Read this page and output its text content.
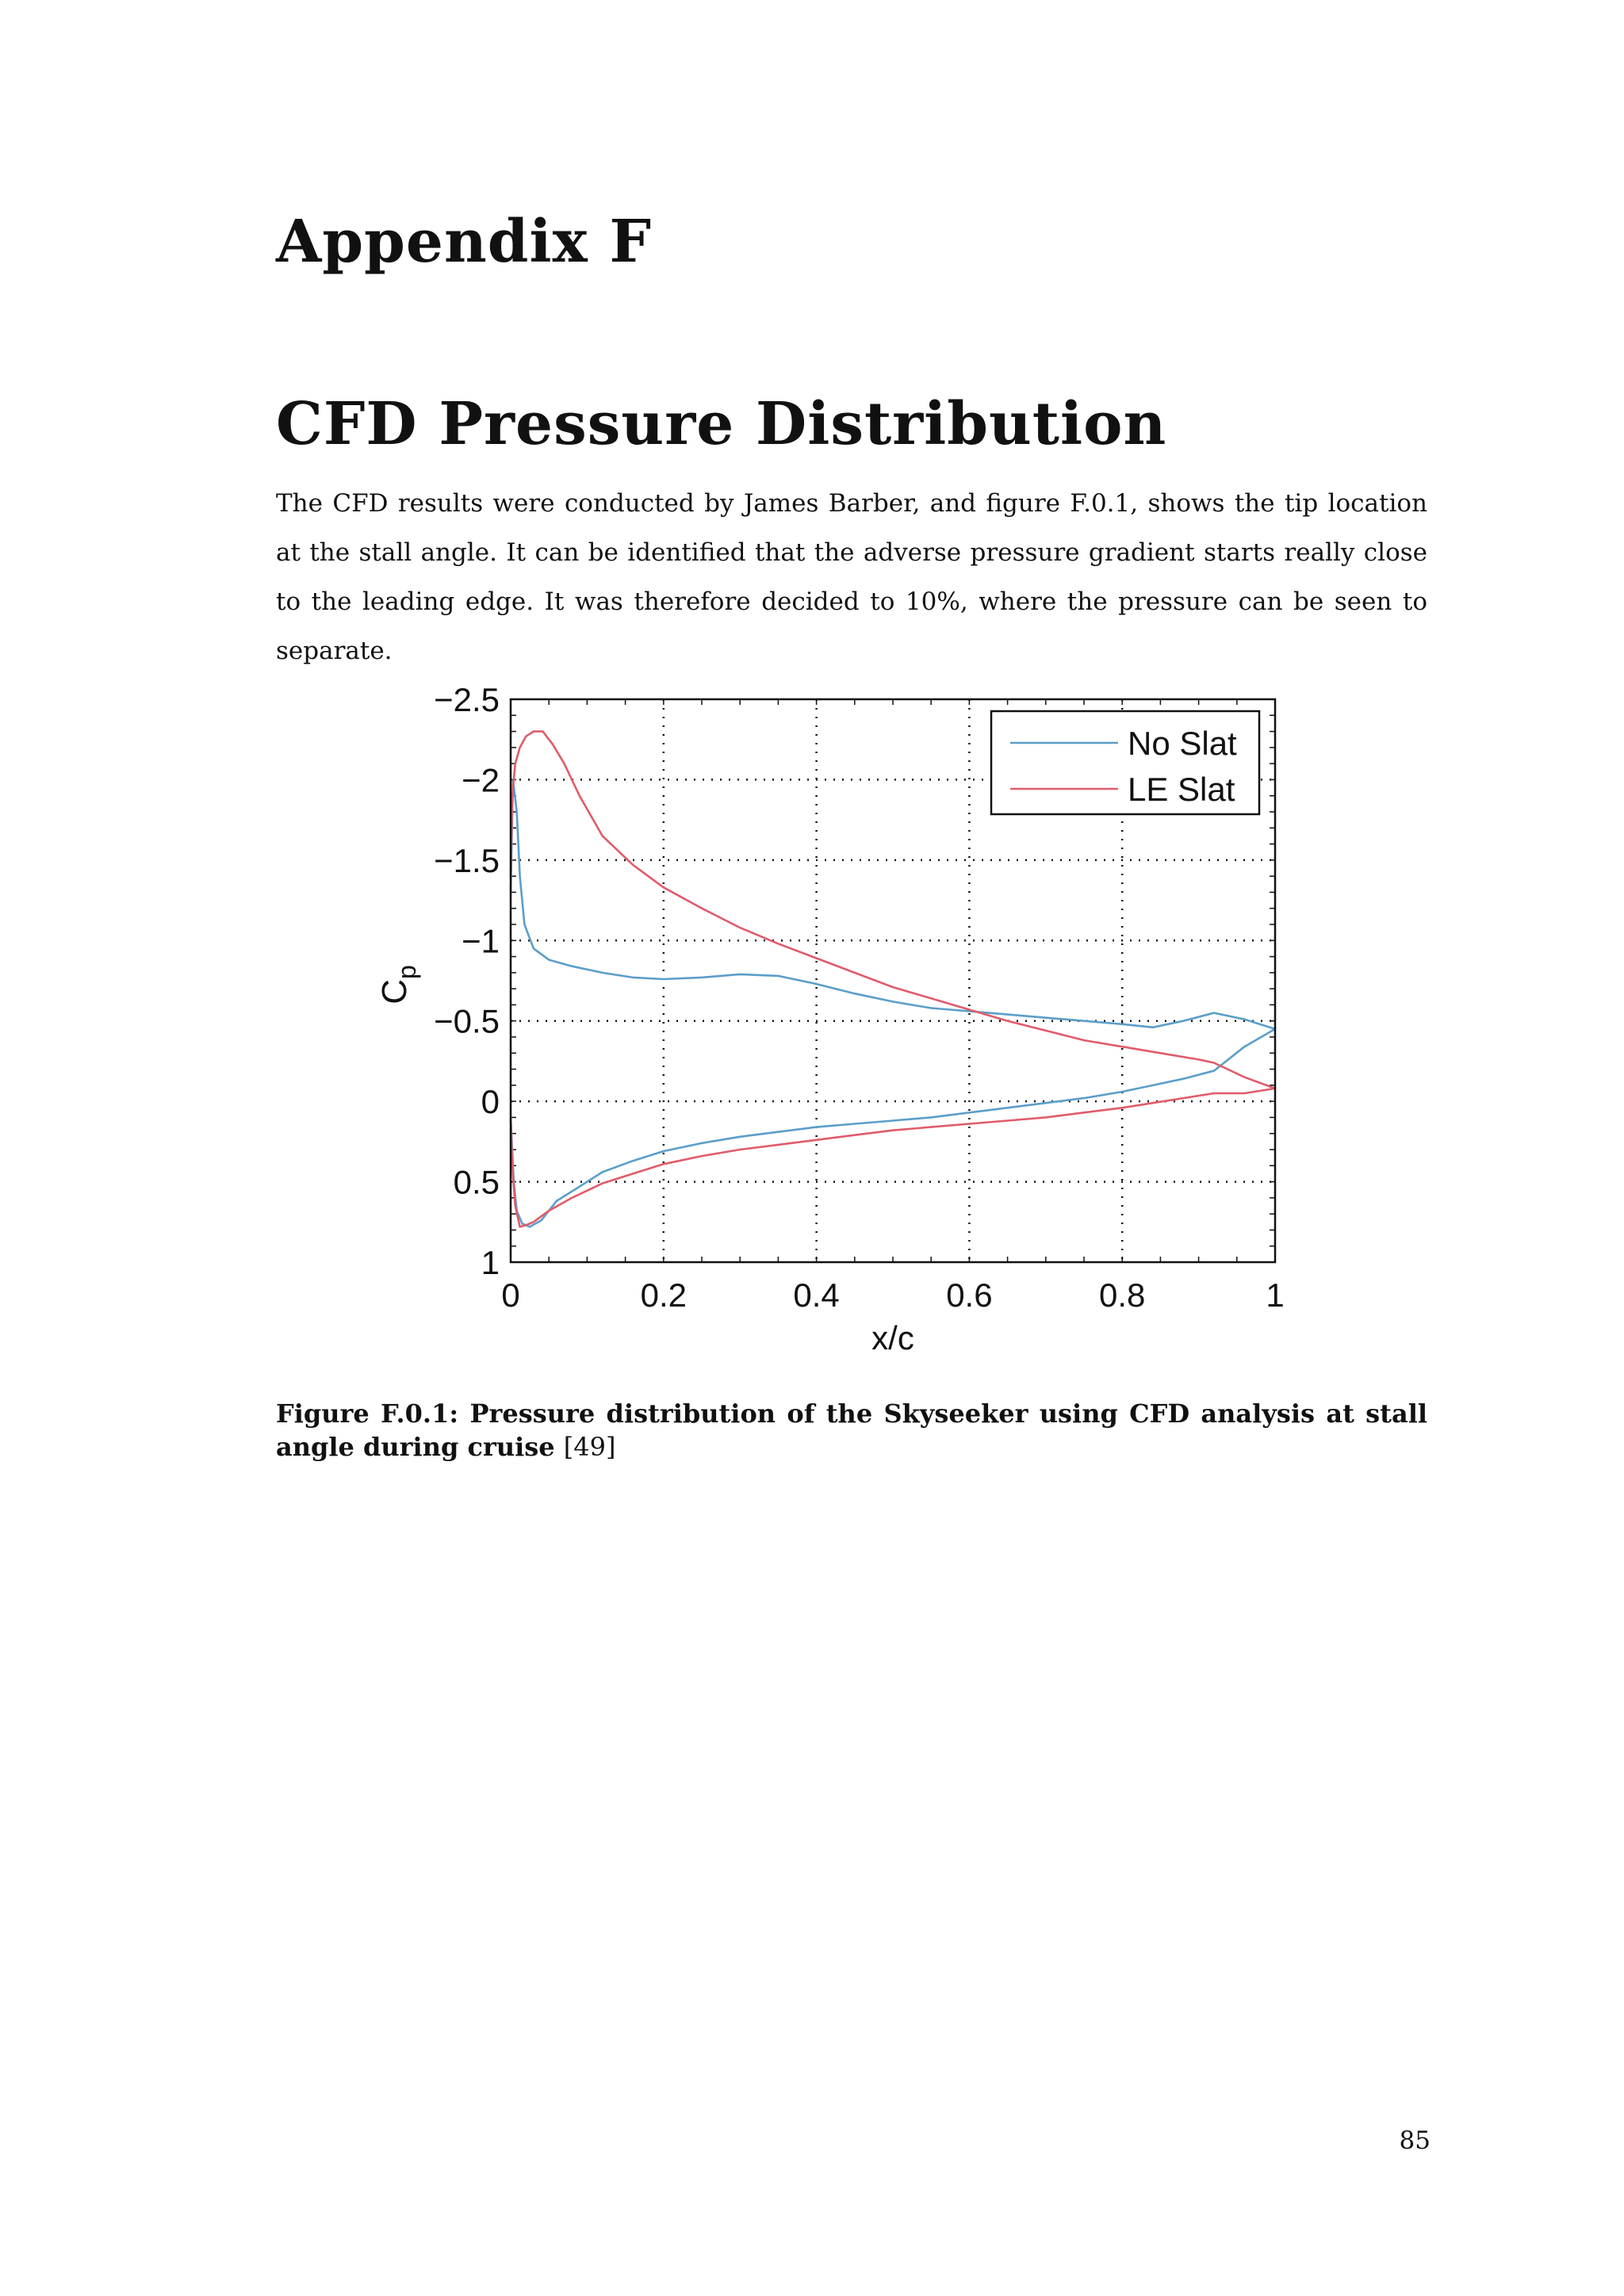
Appendix F
CFD Pressure Distribution

The CFD results were conducted by James Barber, and figure F.0.1, shows the tip location at the stall angle. It can be identified that the adverse pressure gradient starts really close to the leading edge. It was therefore decided to 10%, where the pressure can be seen to separate.

0	0.2	0.4	0.6	0.8	1
−2.5
−2
−1.5
−1
−0.5
0
0.5
1
x/c
$C_p$
No Slat
LE Slat

Figure F.0.1: Pressure distribution of the Skyseeker using CFD analysis at stall angle during cruise [49]

85
